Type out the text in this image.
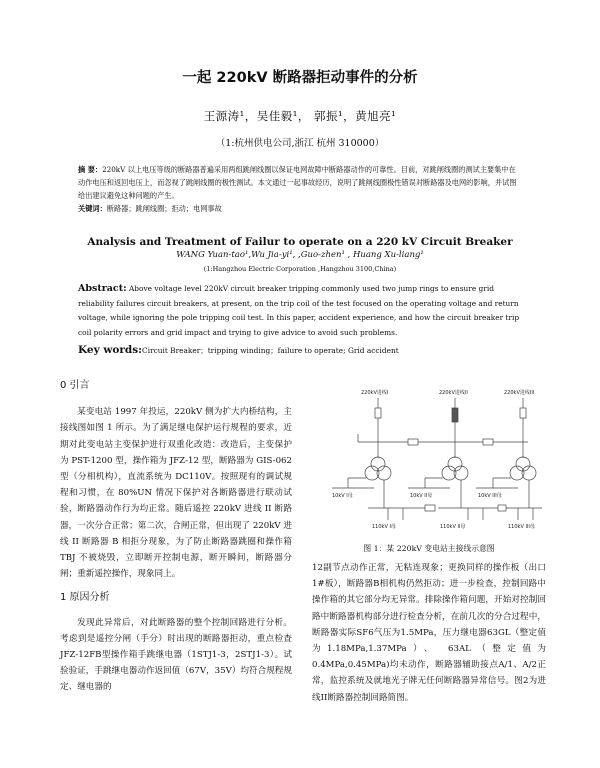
一起 220kV 断路器拒动事件的分析
王源涛¹，吴佳毅¹， 郭振¹，黄旭亮¹
（1:杭州供电公司,浙江 杭州 310000）
摘 要：220kV 以上电压等级的断路器普遍采用两组跳闸线圈以保证电网故障中断路器动作的可靠性。目前，对跳闸线圈的测试主要集中在动作电压和返回电压上，而忽视了跳闸线圈的极性测试。本文通过一起事故经历，说明了跳闸线圈极性错误对断路器及电网的影响，并试图给出建议避免这种问题的产生。
关键词：断路器；跳闸线圈；拒动；电网事故
Analysis and Treatment of Failur to operate on a 220 kV Circuit Breaker
WANG Yuan-tao¹,Wu Jia-yi¹, ,Guo-zhen¹ , Huang Xu-liang¹
(1:Hangzhou Electric Corporation ,Hangzhou 3100,China)
Abstract: Above voltage level 220kV circuit breaker tripping commonly used two jump rings to ensure grid reliability failures circuit breakers, at present, on the trip coil of the test focused on the operating voltage and return voltage, while ignoring the pole tripping coil test. In this paper, accident experience, and how the circuit breaker trip coil polarity errors and grid impact and trying to give advice to avoid such problems.
Key words:Circuit Breaker；tripping winding；failure to operate; Grid accident
0 引言

某变电站 1997 年投运，220kV 侧为扩大内桥结构，主接线图如图 1 所示。为了满足继电保护运行规程的要求，近期对此变电站主变保护进行双重化改造：改造后，主变保护为 PST-1200 型，操作箱为 JFZ-12 型，断路器为 GIS-062 型（分相机构），直流系统为 DC110V。按照现有的调试规程和习惯，在 80%UN 情况下保护对各断路器进行联动试验，断路器动作行为均正常。随后遥控 220kV 进线 II 断路器，一次分合正常；第二次，合闸正常，但出现了 220kV 进线 II 断路器 B 相拒分现象，为了防止断路器跳圈和操作箱 TBJ 不被烧毁，立即断开控制电源，断开瞬间，断路器分闸；重新遥控操作，现象同上。

1 原因分析

发现此异常后，对此断路器的整个控制回路进行分析。考虑到是遥控分闸（手分）时出现的断路器拒动，重点检查JFZ-12FB型操作箱手跳继电器（1STJ1-3，2STJ1-3）。试验验证，手跳继电器动作返回值（67V，35V）均符合规程规定、继电器的

220kV进线I	220kV进线II	220kV进线III
10kV I母	10kV II母	10kV III母
110kV I母	110kV II母	110kV III母
图 1：某 220kV 变电站主接线示意图

12副节点动作正常，无粘连现象；更换同样的操作板（出口1#板），断路器B相机构仍然拒动；进一步检查，控制回路中操作箱的其它部分均无异常。排除操作箱问题，开始对控制回路中断路器机构部分进行检查分析，在前几次的分合过程中，断路器实际SF6气压为1.5MPa，压力继电器63GL（整定值为1.18MPa,1.37MPa）、 63AL（整定值为0.4MPa,0.45MPa)均未动作，断路器辅助接点A/1、A/2正常，监控系统及就地光子牌无任何断路器异常信号。图2为进线II断路器控制回路简图。
